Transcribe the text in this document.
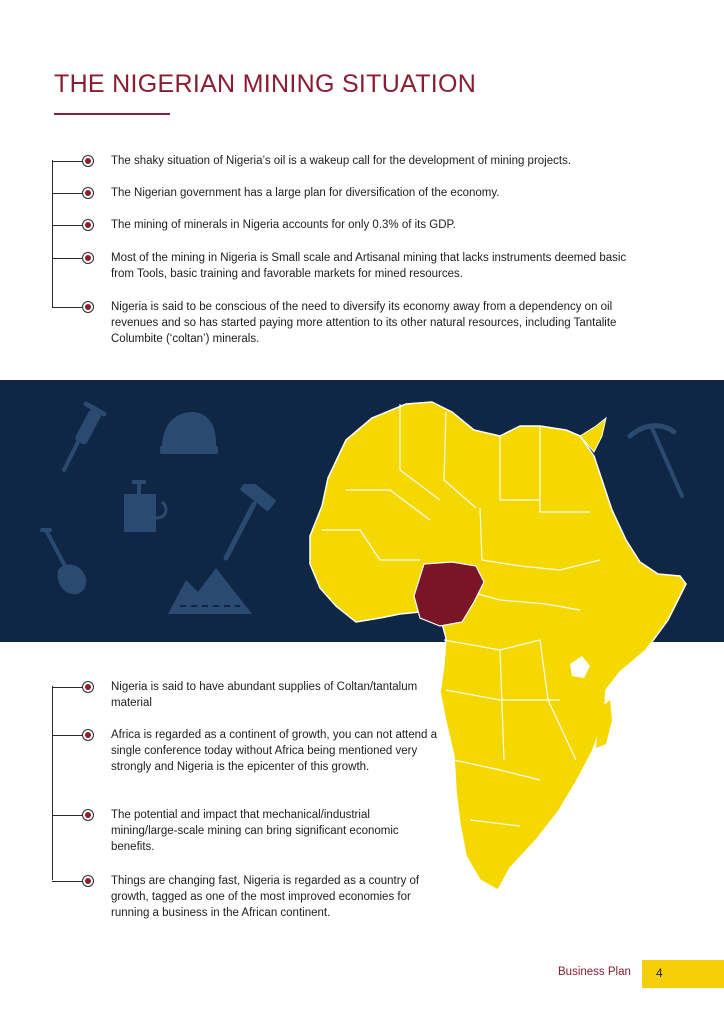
THE NIGERIAN MINING SITUATION
The shaky situation of Nigeria’s oil is a wakeup call for the development of mining projects.
The Nigerian government has a large plan for diversification of the economy.
The mining of minerals in Nigeria accounts for only 0.3% of its GDP.
Most of the mining in Nigeria is Small scale and Artisanal mining that lacks instruments deemed basic from Tools, basic training and favorable markets for mined resources.
Nigeria is said to be conscious of the need to diversify its economy away from a dependency on oil revenues and so has started paying more attention to its other natural resources, including Tantalite Columbite (‘coltan’) minerals.
Nigeria is said to have abundant supplies of Coltan/tantalum material
Africa is regarded as a continent of growth, you can not attend a single conference today without Africa being mentioned very strongly and Nigeria is the epicenter of this growth.
The potential and impact that mechanical/industrial mining/large-scale mining can bring significant economic benefits.
Things are changing fast, Nigeria is regarded as a country of growth, tagged as one of the most improved economies for running a business in the African continent.
Business Plan 4
